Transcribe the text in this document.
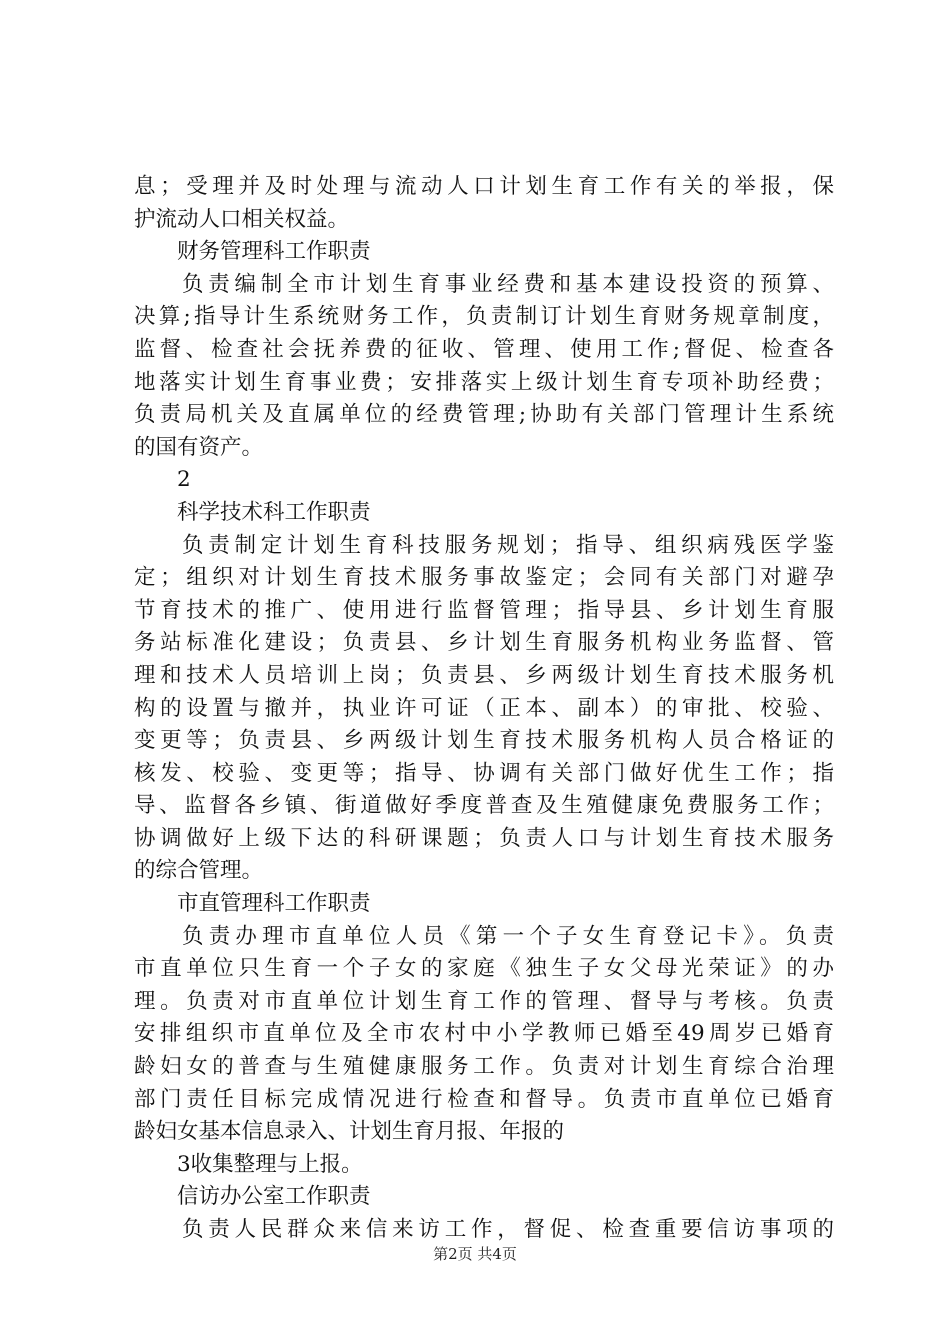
息；受理并及时处理与流动人口计划生育工作有关的举报，保
护流动人口相关权益。
财务管理科工作职责
负责编制全市计划生育事业经费和基本建设投资的预算、
决算;指导计生系统财务工作，负责制订计划生育财务规章制度，
监督、检查社会抚养费的征收、管理、使用工作;督促、检查各
地落实计划生育事业费；安排落实上级计划生育专项补助经费；
负责局机关及直属单位的经费管理;协助有关部门管理计生系统
的国有资产。
2
科学技术科工作职责
负责制定计划生育科技服务规划；指导、组织病残医学鉴
定；组织对计划生育技术服务事故鉴定；会同有关部门对避孕
节育技术的推广、使用进行监督管理；指导县、乡计划生育服
务站标准化建设；负责县、乡计划生育服务机构业务监督、管
理和技术人员培训上岗；负责县、乡两级计划生育技术服务机
构的设置与撤并，执业许可证（正本、副本）的审批、校验、
变更等；负责县、乡两级计划生育技术服务机构人员合格证的
核发、校验、变更等；指导、协调有关部门做好优生工作；指
导、监督各乡镇、街道做好季度普查及生殖健康免费服务工作；
协调做好上级下达的科研课题；负责人口与计划生育技术服务
的综合管理。
市直管理科工作职责
负责办理市直单位人员《第一个子女生育登记卡》。负责
市直单位只生育一个子女的家庭《独生子女父母光荣证》的办
理。负责对市直单位计划生育工作的管理、督导与考核。负责
安排组织市直单位及全市农村中小学教师已婚至49周岁已婚育
龄妇女的普查与生殖健康服务工作。负责对计划生育综合治理
部门责任目标完成情况进行检查和督导。负责市直单位已婚育
龄妇女基本信息录入、计划生育月报、年报的
3收集整理与上报。
信访办公室工作职责
负责人民群众来信来访工作，督促、检查重要信访事项的
第2页 共4页
